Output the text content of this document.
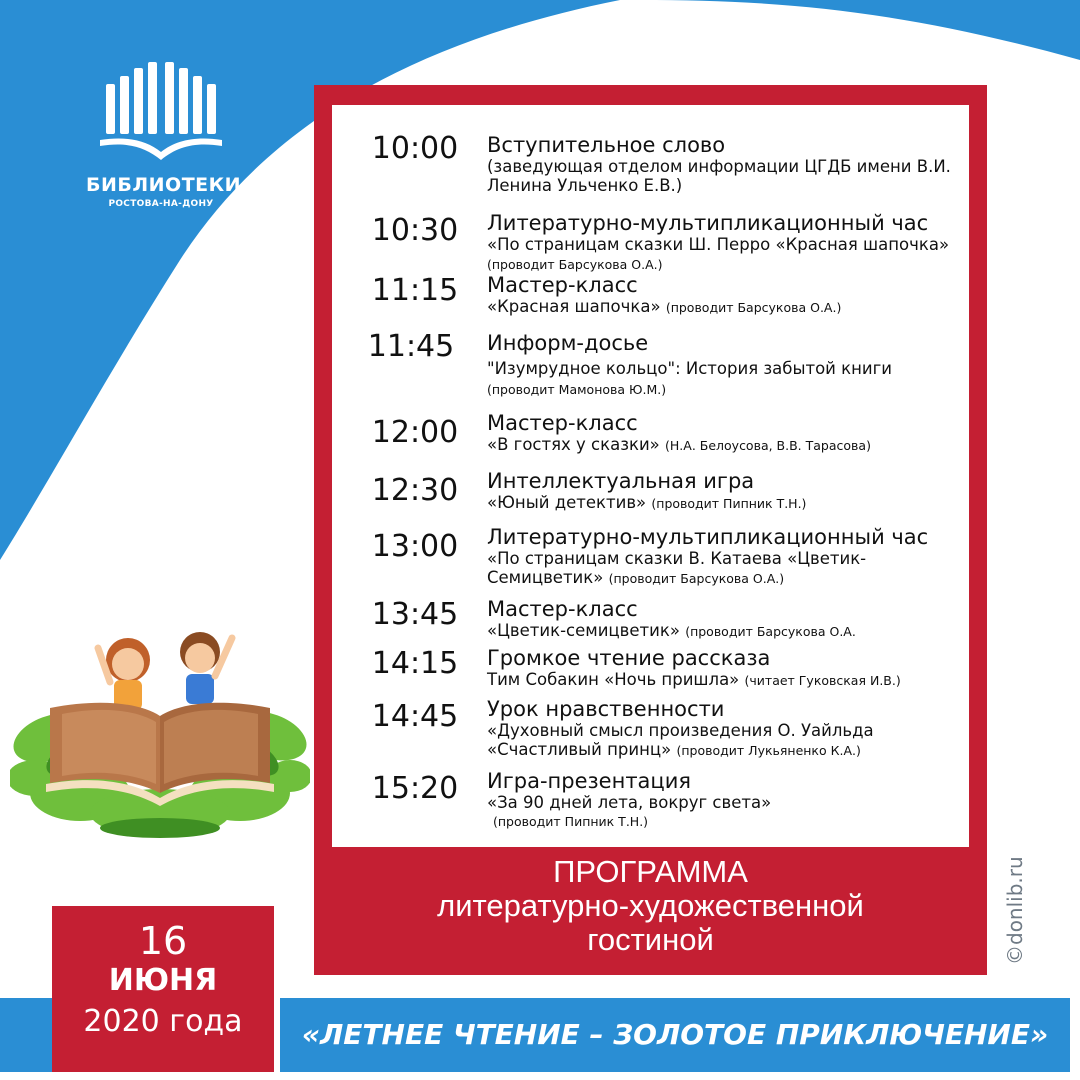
БИБЛИОТЕКИ
РОСТОВА-НА-ДОНУ
10:00	Вступительное слово
(заведующая отделом информации ЦГДБ имени В.И. Ленина Ульченко Е.В.)
10:30	Литературно-мультипликационный час
«По страницам сказки Ш. Перро «Красная шапочка» (проводит Барсукова О.А.)
11:15	Мастер-класс
«Красная шапочка» (проводит Барсукова О.А.)
11:45	Информ-досье
"Изумрудное кольцо": История забытой книги
(проводит Мамонова Ю.М.)
12:00	Мастер-класс
«В гостях у сказки» (Н.А. Белоусова, В.В. Тарасова)
12:30	Интеллектуальная игра
«Юный детектив» (проводит Пипник Т.Н.)
13:00	Литературно-мультипликационный час
«По страницам сказки В. Катаева «Цветик-Семицветик» (проводит Барсукова О.А.)
13:45	Мастер-класс
«Цветик-семицветик» (проводит Барсукова О.А.
14:15	Громкое чтение рассказа
Тим Собакин «Ночь пришла» (читает Гуковская И.В.)
14:45	Урок нравственности
«Духовный смысл произведения О. Уайльда «Счастливый принц» (проводит Лукьяненко К.А.)
15:20	Игра-презентация
«За 90 дней лета, вокруг света»
(проводит Пипник Т.Н.)
ПРОГРАММА
литературно-художественной
гостиной	©donlib.ru
16
ИЮНЯ
2020 года	«ЛЕТНЕЕ ЧТЕНИЕ – ЗОЛОТОЕ ПРИКЛЮЧЕНИЕ»
